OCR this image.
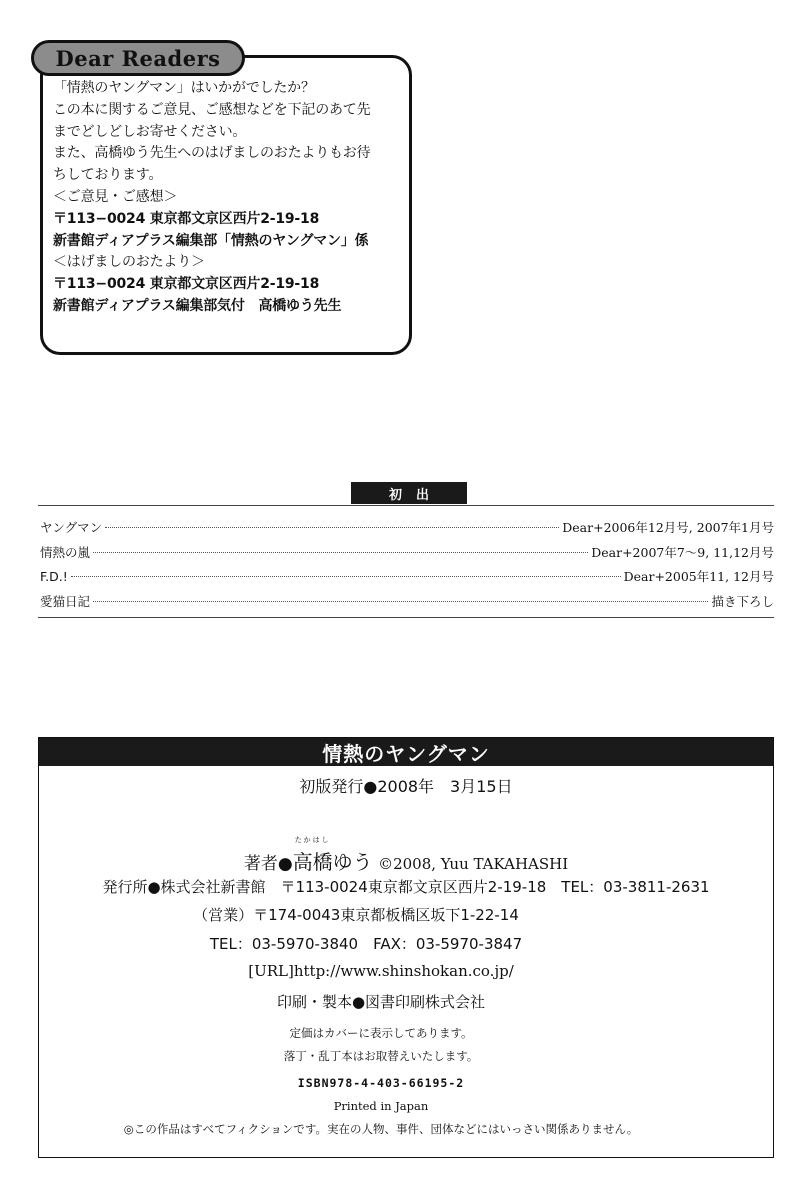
Dear Readers
「情熱のヤングマン」はいかがでしたか？
この本に関するご意見、ご感想などを下記のあて先
までどしどしお寄せください。
また、高橋ゆう先生へのはげましのおたよりもお待
ちしております。
＜ご意見・ご感想＞
〒113−0024 東京都文京区西片2-19-18
新書館ディアプラス編集部「情熱のヤングマン」係
＜はげましのおたより＞
〒113−0024 東京都文京区西片2-19-18
新書館ディアプラス編集部気付　高橋ゆう先生
初出
ヤングマン	Dear+2006年12月号, 2007年1月号
情熱の嵐	Dear+2007年7〜9, 11,12月号
F.D.!	Dear+2005年11, 12月号
愛猫日記	描き下ろし
情熱のヤングマン
初版発行●2008年　3月15日
著者●
たかはし
高橋ゆう ©2008, Yuu TAKAHASHI
発行所●株式会社新書館　〒113-0024東京都文京区西片2-19-18　TEL：03-3811-2631
（営業）〒174-0043東京都板橋区坂下1-22-14
TEL：03-5970-3840　FAX：03-5970-3847
[URL]http://www.shinshokan.co.jp/
印刷・製本●図書印刷株式会社
定価はカバーに表示してあります。
落丁・乱丁本はお取替えいたします。
ISBN978-4-403-66195-2
Printed in Japan
◎この作品はすべてフィクションです。実在の人物、事件、団体などにはいっさい関係ありません。
